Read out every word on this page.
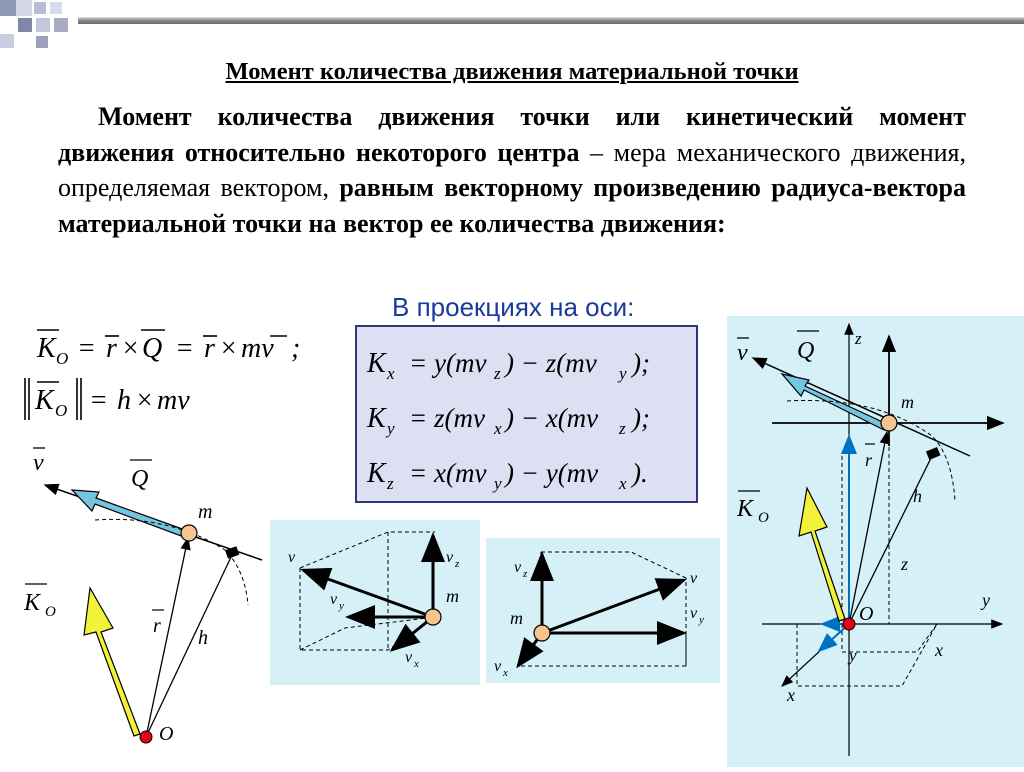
Момент количества движения материальной точки
Момент количества движения точки или кинетический момент движения относительно некоторого центра – мера механического движения, определяемая вектором, равным векторному произведению радиуса-вектора материальной точки на вектор ее количества движения:
В проекциях на оси:
K O = r × Q = r × mv ;
K O = h × mv
K x = y(mv z ) − z(mv y );
K y = z(mv x ) − x(mv z );
K z = x(mv y ) − y(mv x ).
v
Q
m
r
h
K O
O
v	v z
v y
v x
m
v z	v
v y
v x
m
z
v Q
m
r
h
K O
z
y
O
y	x
x
